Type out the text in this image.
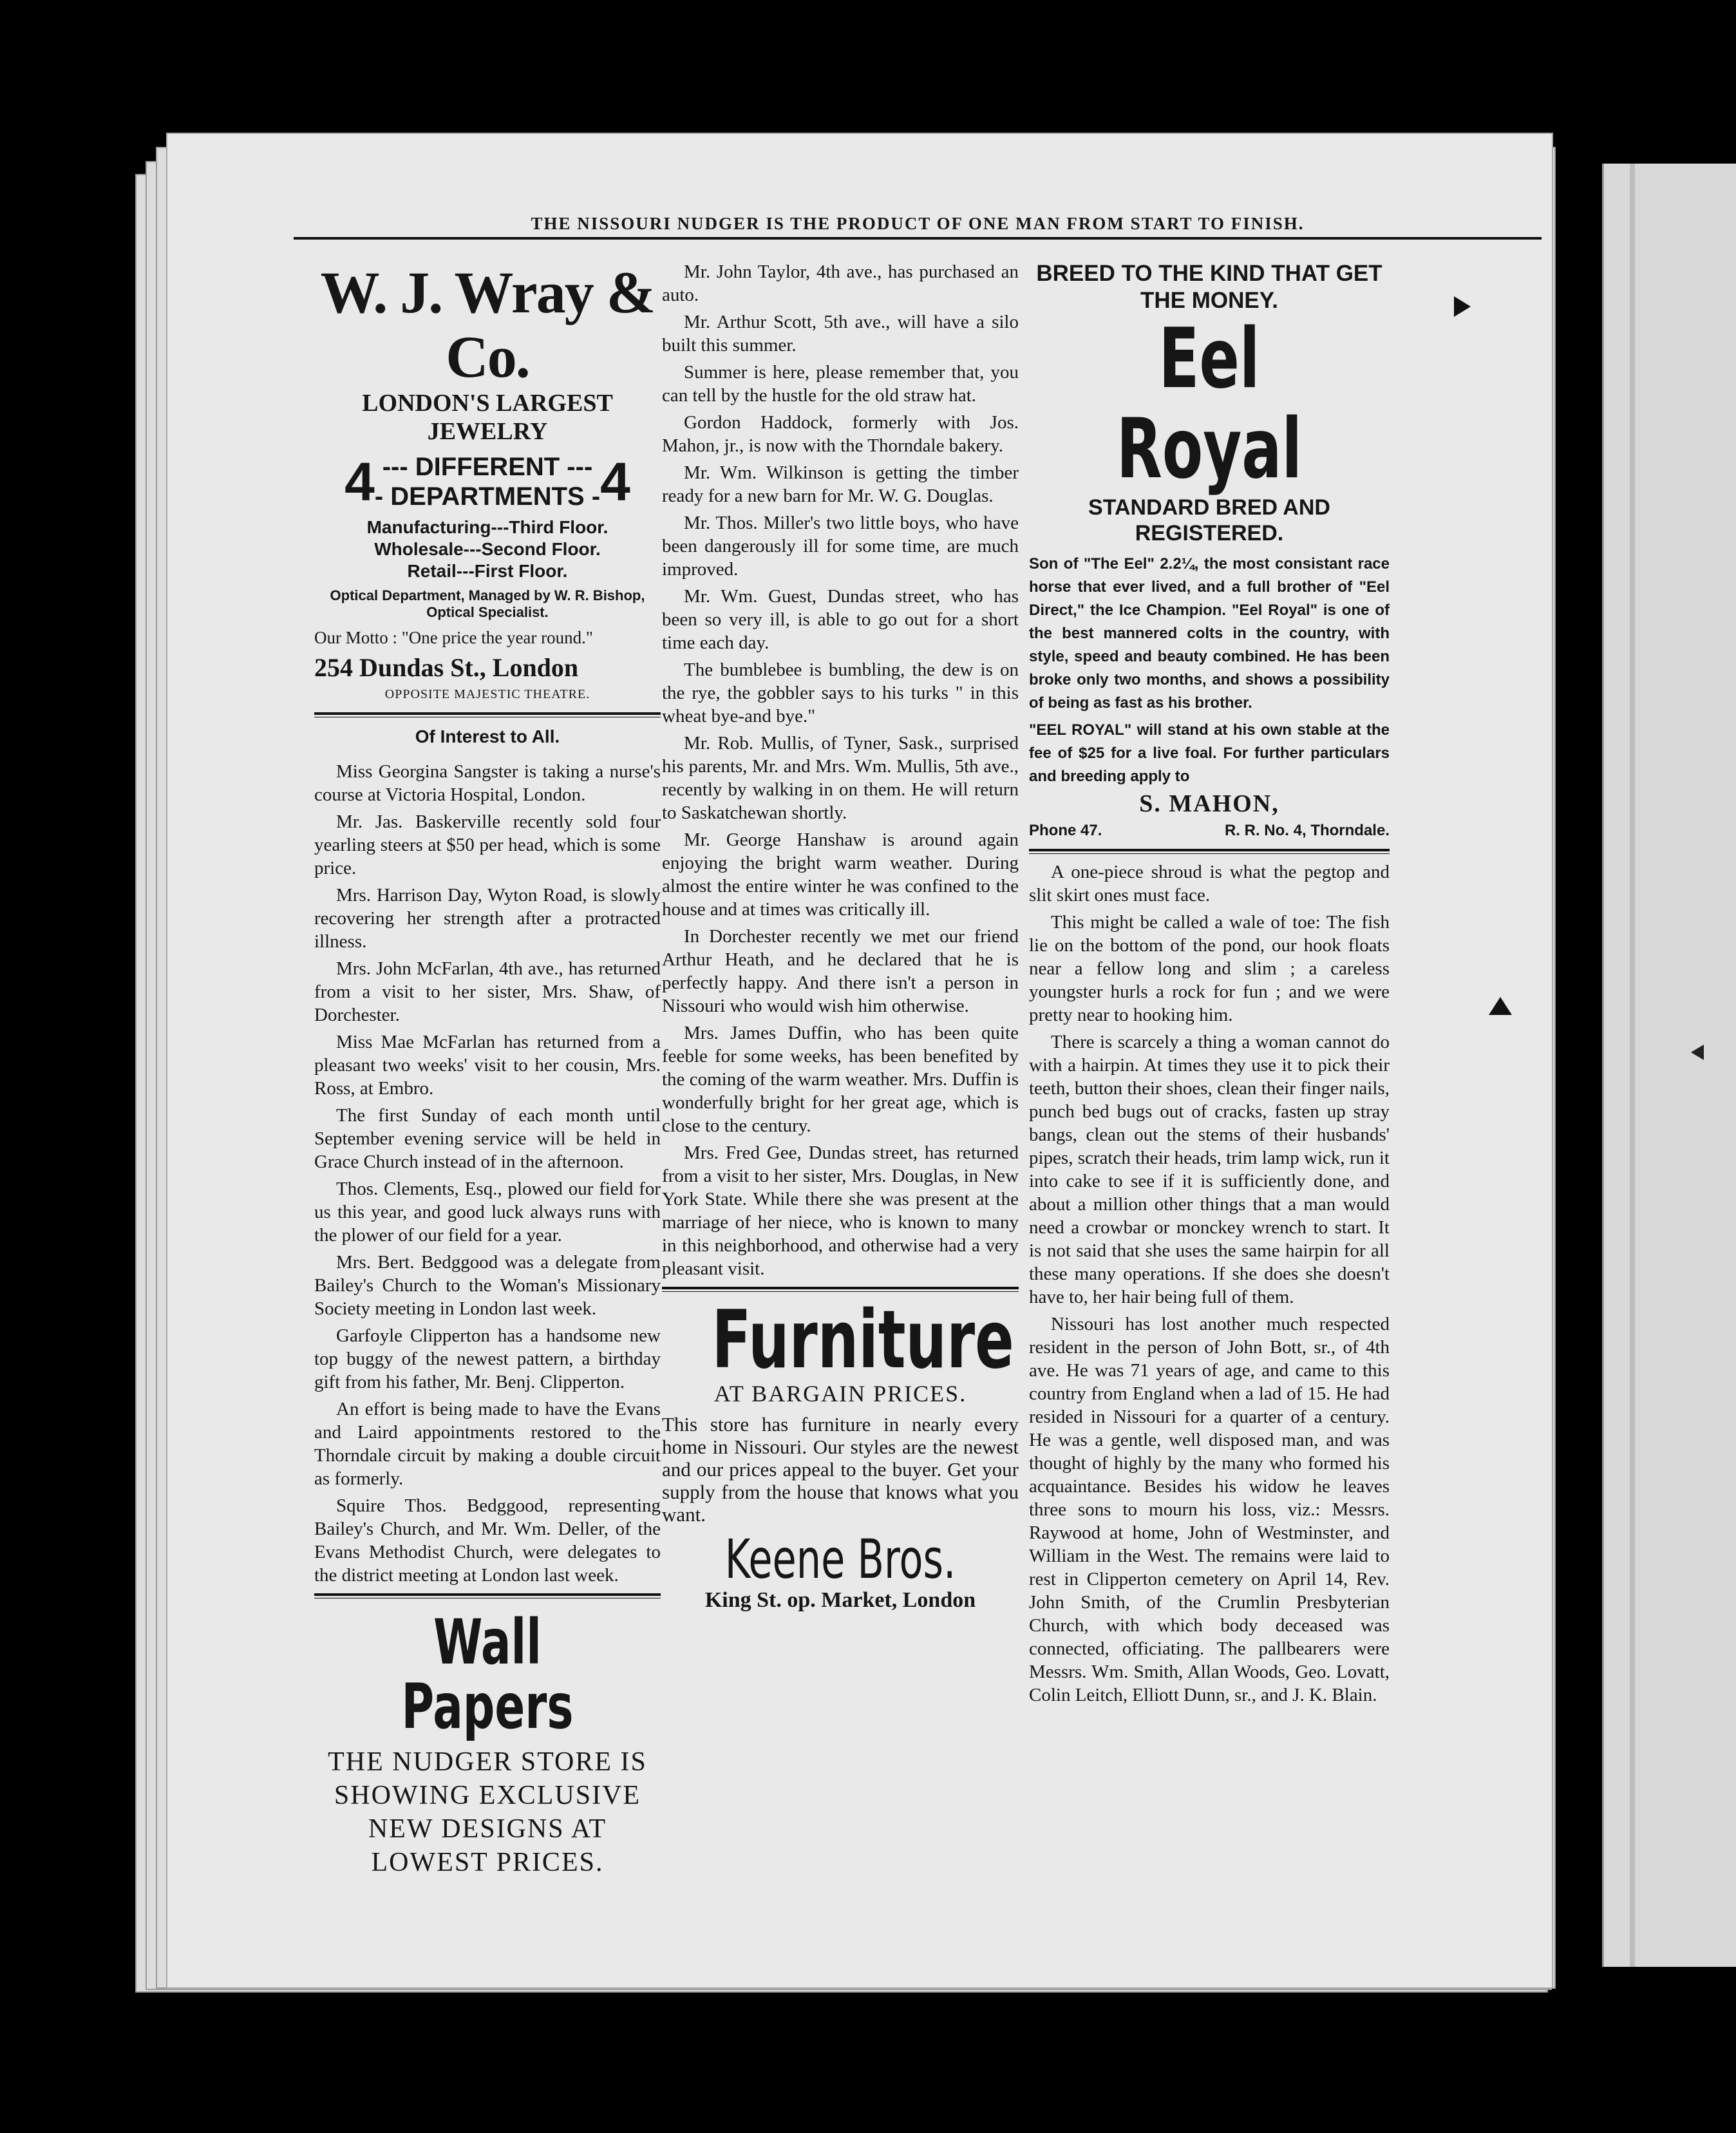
THE NISSOURI NUDGER IS THE PRODUCT OF ONE MAN FROM START TO FINISH.
W. J. Wray & Co.
LONDON'S LARGEST JEWELRY
4 --- DIFFERENT ---
- DEPARTMENTS - 4
Manufacturing---Third Floor.
Wholesale---Second Floor.
Retail---First Floor.
Optical Department, Managed by W. R. Bishop, Optical Specialist.
Our Motto : "One price the year round."
254 Dundas St., London
OPPOSITE MAJESTIC THEATRE.
Of Interest to All.

Miss Georgina Sangster is taking a nurse's course at Victoria Hospital, London.

Mr. Jas. Baskerville recently sold four yearling steers at $50 per head, which is some price.

Mrs. Harrison Day, Wyton Road, is slowly recovering her strength after a protracted illness.

Mrs. John McFarlan, 4th ave., has returned from a visit to her sister, Mrs. Shaw, of Dorchester.

Miss Mae McFarlan has returned from a pleasant two weeks' visit to her cousin, Mrs. Ross, at Embro.

The first Sunday of each month until September evening service will be held in Grace Church instead of in the afternoon.

Thos. Clements, Esq., plowed our field for us this year, and good luck always runs with the plower of our field for a year.

Mrs. Bert. Bedggood was a delegate from Bailey's Church to the Woman's Missionary Society meeting in London last week.

Garfoyle Clipperton has a handsome new top buggy of the newest pattern, a birthday gift from his father, Mr. Benj. Clipperton.

An effort is being made to have the Evans and Laird appointments restored to the Thorndale circuit by making a double circuit as formerly.

Squire Thos. Bedggood, representing Bailey's Church, and Mr. Wm. Deller, of the Evans Methodist Church, were delegates to the district meeting at London last week.

Wall Papers
THE NUDGER STORE IS SHOWING EXCLUSIVE NEW DESIGNS AT LOWEST PRICES.

Mr. John Taylor, 4th ave., has purchased an auto.

Mr. Arthur Scott, 5th ave., will have a silo built this summer.

Summer is here, please remember that, you can tell by the hustle for the old straw hat.

Gordon Haddock, formerly with Jos. Mahon, jr., is now with the Thorndale bakery.

Mr. Wm. Wilkinson is getting the timber ready for a new barn for Mr. W. G. Douglas.

Mr. Thos. Miller's two little boys, who have been dangerously ill for some time, are much improved.

Mr. Wm. Guest, Dundas street, who has been so very ill, is able to go out for a short time each day.

The bumblebee is bumbling, the dew is on the rye, the gobbler says to his turks " in this wheat bye-and bye."

Mr. Rob. Mullis, of Tyner, Sask., surprised his parents, Mr. and Mrs. Wm. Mullis, 5th ave., recently by walking in on them. He will return to Saskatchewan shortly.

Mr. George Hanshaw is around again enjoying the bright warm weather. During almost the entire winter he was confined to the house and at times was critically ill.

In Dorchester recently we met our friend Arthur Heath, and he declared that he is perfectly happy. And there isn't a person in Nissouri who would wish him otherwise.

Mrs. James Duffin, who has been quite feeble for some weeks, has been benefited by the coming of the warm weather. Mrs. Duffin is wonderfully bright for her great age, which is close to the century.

Mrs. Fred Gee, Dundas street, has returned from a visit to her sister, Mrs. Douglas, in New York State. While there she was present at the marriage of her niece, who is known to many in this neighborhood, and otherwise had a very pleasant visit.

Furniture
AT BARGAIN PRICES.
This store has furniture in nearly every home in Nissouri. Our styles are the newest and our prices appeal to the buyer. Get your supply from the house that knows what you want.
Keene Bros.
King St. op. Market, London
BREED TO THE KIND THAT GET THE MONEY.
Eel Royal
STANDARD BRED AND REGISTERED.

Son of "The Eel" 2.2¼, the most consistant race horse that ever lived, and a full brother of "Eel Direct," the Ice Champion. "Eel Royal" is one of the best mannered colts in the country, with style, speed and beauty combined. He has been broke only two months, and shows a possibility of being as fast as his brother.

"EEL ROYAL" will stand at his own stable at the fee of $25 for a live foal. For further particulars and breeding apply to

S. MAHON,
Phone 47.	R. R. No. 4, Thorndale.

A one-piece shroud is what the pegtop and slit skirt ones must face.

This might be called a wale of toe: The fish lie on the bottom of the pond, our hook floats near a fellow long and slim ; a careless youngster hurls a rock for fun ; and we were pretty near to hooking him.

There is scarcely a thing a woman cannot do with a hairpin. At times they use it to pick their teeth, button their shoes, clean their finger nails, punch bed bugs out of cracks, fasten up stray bangs, clean out the stems of their husbands' pipes, scratch their heads, trim lamp wick, run it into cake to see if it is sufficiently done, and about a million other things that a man would need a crowbar or monckey wrench to start. It is not said that she uses the same hairpin for all these many operations. If she does she doesn't have to, her hair being full of them.

Nissouri has lost another much respected resident in the person of John Bott, sr., of 4th ave. He was 71 years of age, and came to this country from England when a lad of 15. He had resided in Nissouri for a quarter of a century. He was a gentle, well disposed man, and was thought of highly by the many who formed his acquaintance. Besides his widow he leaves three sons to mourn his loss, viz.: Messrs. Raywood at home, John of Westminster, and William in the West. The remains were laid to rest in Clipperton cemetery on April 14, Rev. John Smith, of the Crumlin Presbyterian Church, with which body deceased was connected, officiating. The pallbearers were Messrs. Wm. Smith, Allan Woods, Geo. Lovatt, Colin Leitch, Elliott Dunn, sr., and J. K. Blain.
